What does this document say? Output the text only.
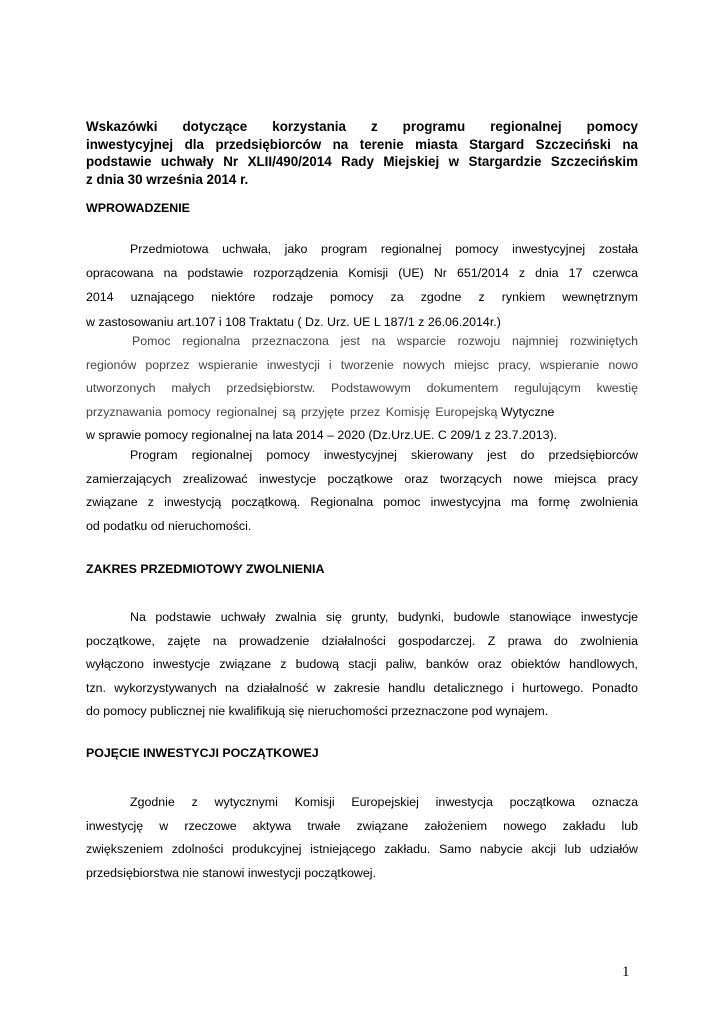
Wskazówki dotyczące korzystania z programu regionalnej pomocy
inwestycyjnej dla przedsiębiorców na terenie miasta Stargard Szczeciński na
podstawie uchwały Nr XLII/490/2014 Rady Miejskiej w Stargardzie Szczecińskim
z dnia 30 września 2014 r.
WPROWADZENIE
Przedmiotowa uchwała, jako program regionalnej pomocy inwestycyjnej została
opracowana na podstawie rozporządzenia Komisji (UE) Nr 651/2014 z dnia 17 czerwca
2014 uznającego niektóre rodzaje pomocy za zgodne z rynkiem wewnętrznym
w zastosowaniu art.107 i 108 Traktatu ( Dz. Urz. UE L 187/1 z 26.06.2014r.)
Pomoc regionalna przeznaczona jest na wsparcie rozwoju najmniej rozwiniętych
regionów poprzez wspieranie inwestycji i tworzenie nowych miejsc pracy, wspieranie nowo
utworzonych małych przedsiębiorstw. Podstawowym dokumentem regulującym kwestię
przyznawania pomocy regionalnej są przyjęte przez Komisję Europejską Wytyczne
w sprawie pomocy regionalnej na lata 2014 – 2020 (Dz.Urz.UE. C 209/1 z 23.7.2013).
Program regionalnej pomocy inwestycyjnej skierowany jest do przedsiębiorców
zamierzających zrealizować inwestycje początkowe oraz tworzących nowe miejsca pracy
związane z inwestycją początkową. Regionalna pomoc inwestycyjna ma formę zwolnienia
od podatku od nieruchomości.
ZAKRES PRZEDMIOTOWY ZWOLNIENIA
Na podstawie uchwały zwalnia się grunty, budynki, budowle stanowiące inwestycje
początkowe, zajęte na prowadzenie działalności gospodarczej. Z prawa do zwolnienia
wyłączono inwestycje związane z budową stacji paliw, banków oraz obiektów handlowych,
tzn. wykorzystywanych na działalność w zakresie handlu detalicznego i hurtowego. Ponadto
do pomocy publicznej nie kwalifikują się nieruchomości przeznaczone pod wynajem.
POJĘCIE INWESTYCJI POCZĄTKOWEJ
Zgodnie z wytycznymi Komisji Europejskiej inwestycja początkowa oznacza
inwestycję w rzeczowe aktywa trwałe związane założeniem nowego zakładu lub
zwiększeniem zdolności produkcyjnej istniejącego zakładu. Samo nabycie akcji lub udziałów
przedsiębiorstwa nie stanowi inwestycji początkowej.
1
